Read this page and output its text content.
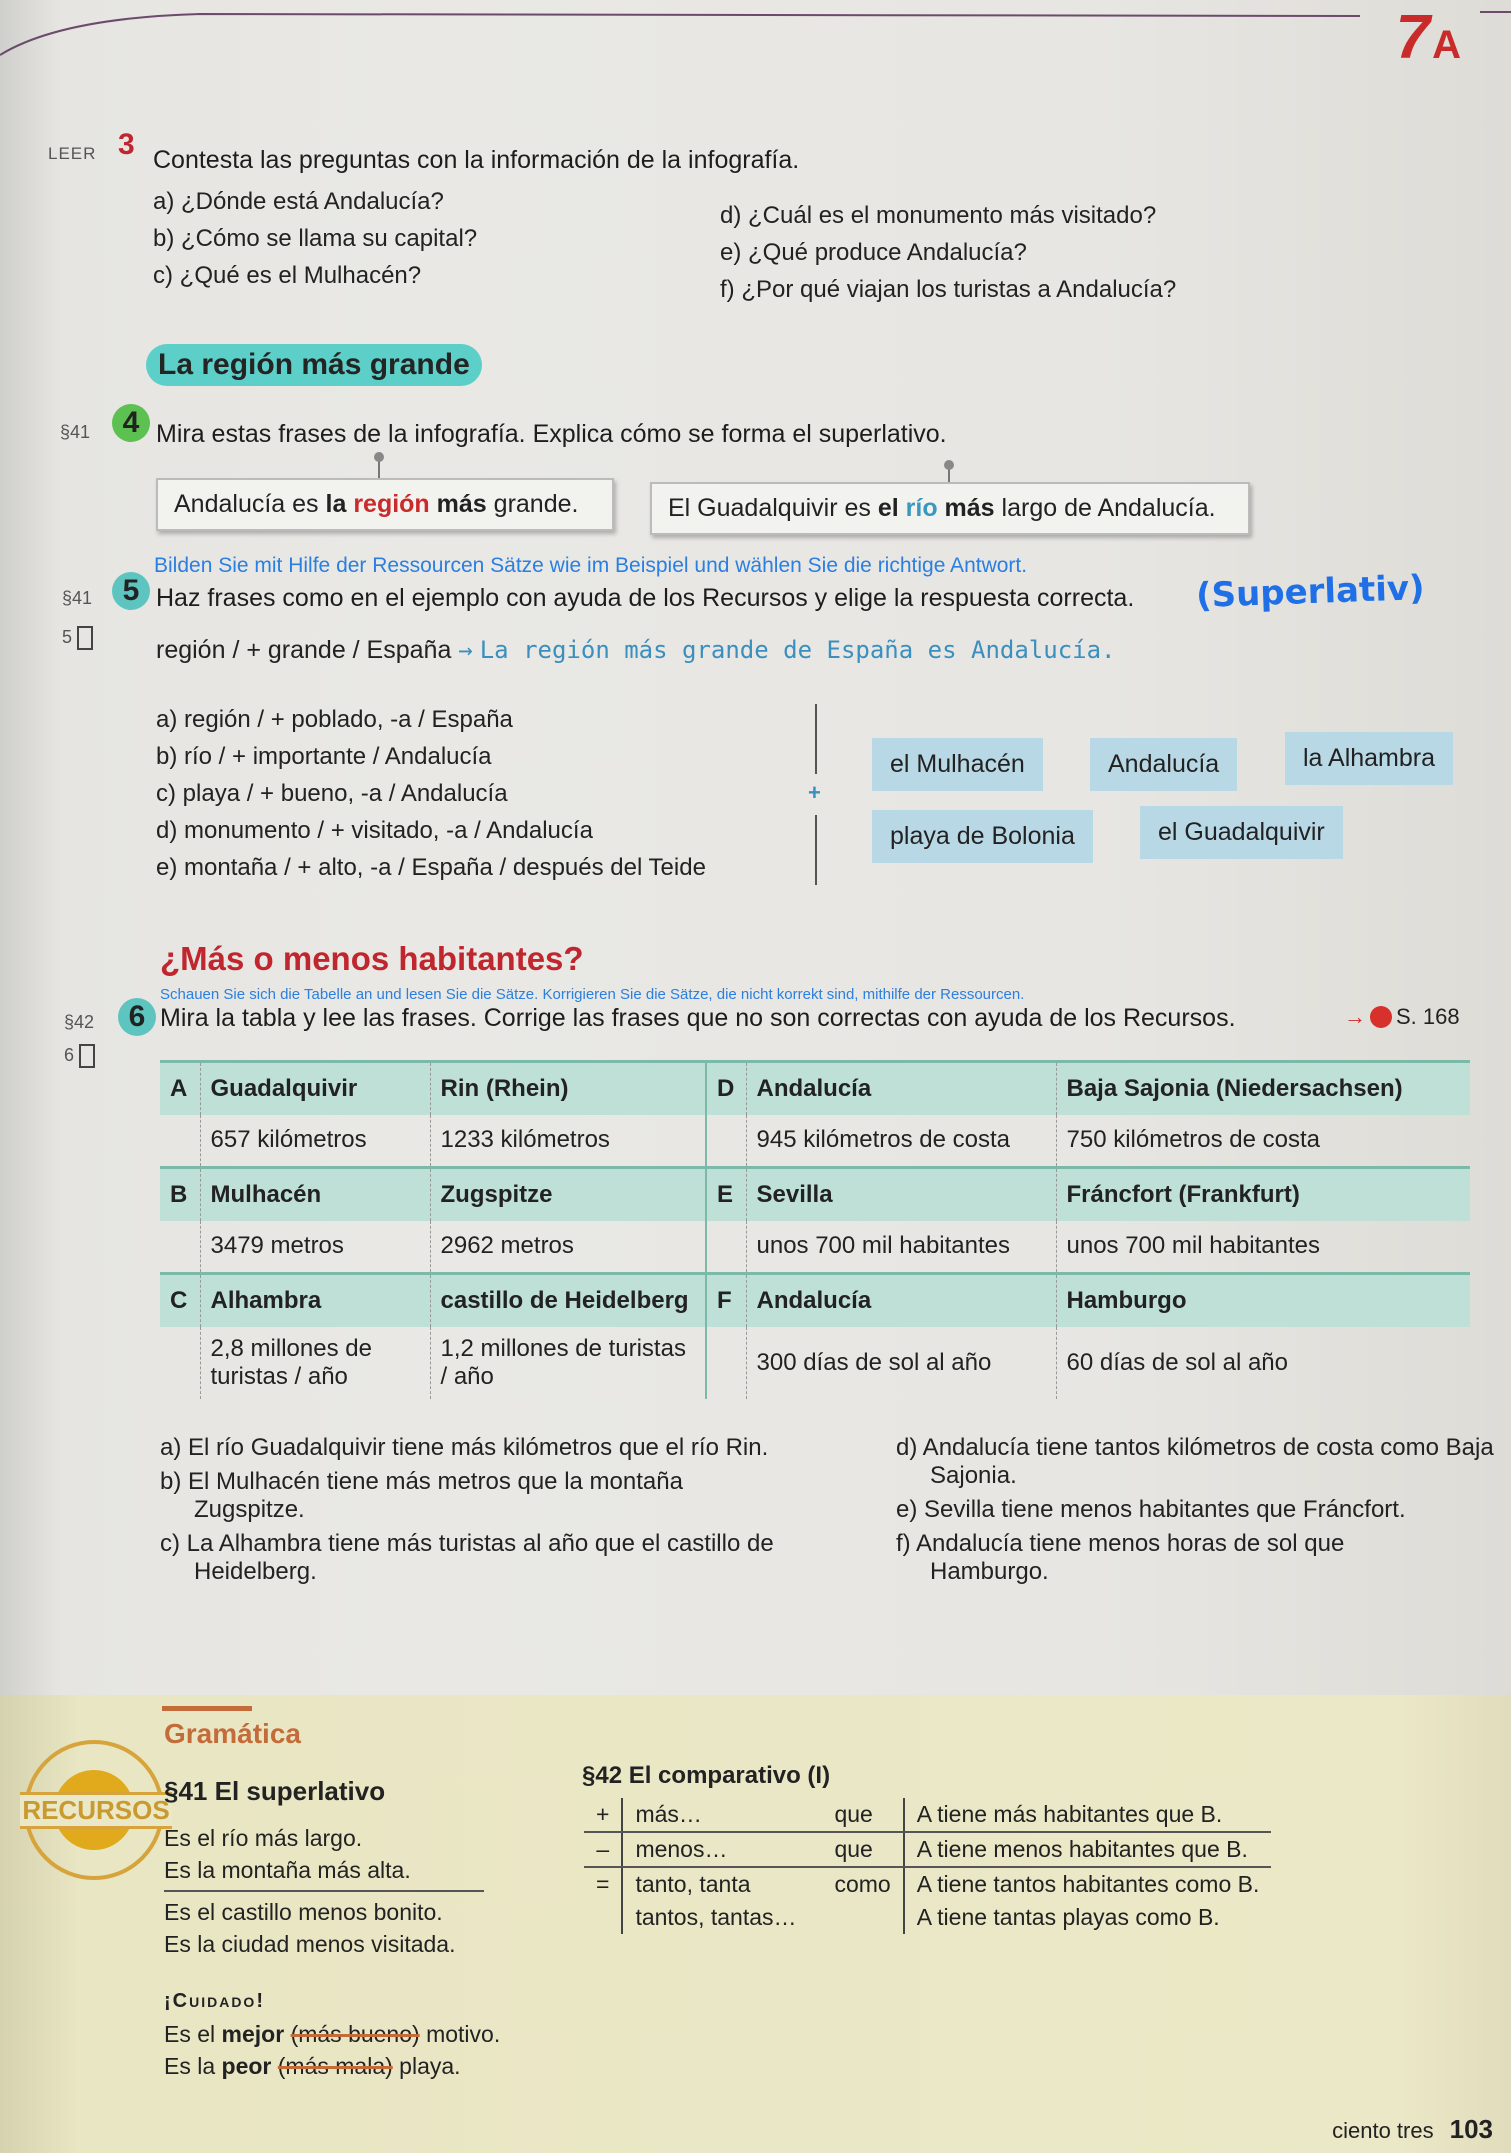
7A
LEER 3 Contesta las preguntas con la información de la infografía.
a) ¿Dónde está Andalucía?
b) ¿Cómo se llama su capital?
c) ¿Qué es el Mulhacén?
d) ¿Cuál es el monumento más visitado?
e) ¿Qué produce Andalucía?
f) ¿Por qué viajan los turistas a Andalucía?
La región más grande
§41	4 Mira estas frases de la infografía. Explica cómo se forma el superlativo.
Andalucía es la región más grande.	El Guadalquivir es el río más largo de Andalucía.
Bilden Sie mit Hilfe der Ressourcen Sätze wie im Beispiel und wählen Sie die richtige Antwort.
§41	5 Haz frases como en el ejemplo con ayuda de los Recursos y elige la respuesta correcta. (Superlativ)
5	región / + grande / España → La región más grande de España es Andalucía.
a) región / + poblado, -a / España
b) río / + importante / Andalucía
c) playa / + bueno, -a / Andalucía
d) monumento / + visitado, -a / Andalucía
e) montaña / + alto, -a / España / después del Teide
+
el Mulhacén	Andalucía	la Alhambra
playa de Bolonia	el Guadalquivir
¿Más o menos habitantes?
Schauen Sie sich die Tabelle an und lesen Sie die Sätze. Korrigieren Sie die Sätze, die nicht korrekt sind, mithilfe der Ressourcen.
§42	6 Mira la tabla y lee las frases. Corrige las frases que no son correctas con ayuda de los Recursos.	→ S. 168
6
A	Guadalquivir	Rin (Rhein)	D	Andalucía	Baja Sajonia (Niedersachsen)
	657 kilómetros	1233 kilómetros		945 kilómetros de costa	750 kilómetros de costa
B	Mulhacén	Zugspitze	E	Sevilla	Fráncfort (Frankfurt)
	3479 metros	2962 metros		unos 700 mil habitantes	unos 700 mil habitantes
C	Alhambra	castillo de Heidelberg	F	Andalucía	Hamburgo
	2,8 millones de turistas / año	1,2 millones de turistas / año		300 días de sol al año	60 días de sol al año
a) El río Guadalquivir tiene más kilómetros que el río Rin.
b) El Mulhacén tiene más metros que la montaña Zugspitze.
c) La Alhambra tiene más turistas al año que el castillo de Heidelberg.
d) Andalucía tiene tantos kilómetros de costa como Baja Sajonia.
e) Sevilla tiene menos habitantes que Fráncfort.
f) Andalucía tiene menos horas de sol que Hamburgo.
Gramática
RECURSOS
§41 El superlativo
Es el río más largo.
Es la montaña más alta.
Es el castillo menos bonito.
Es la ciudad menos visitada.
§42 El comparativo (I)
+	más…	que	A tiene más habitantes que B.
–	menos…	que	A tiene menos habitantes que B.
=	tanto, tanta	como	A tiene tantos habitantes como B.
	tantos, tantas…		A tiene tantas playas como B.
¡Cuidado!
Es el mejor (más bueno) motivo.
Es la peor (más mala) playa.
ciento tres 103
